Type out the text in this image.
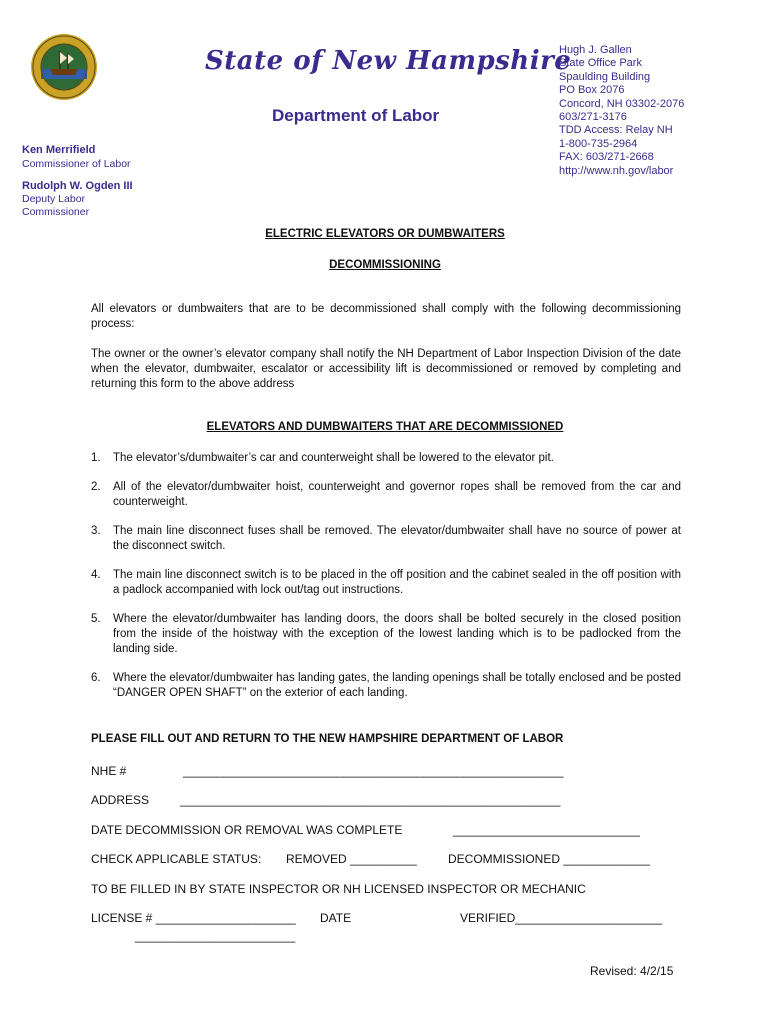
State of New Hampshire
Department of Labor
Hugh J. Gallen
State Office Park
Spaulding Building
PO Box 2076
Concord, NH 03302-2076
603/271-3176
TDD Access: Relay NH
1-800-735-2964
FAX: 603/271-2668
http://www.nh.gov/labor
Ken Merrifield
Commissioner of Labor
Rudolph W. Ogden III
Deputy Labor
Commissioner
ELECTRIC ELEVATORS OR DUMBWAITERS
DECOMMISSIONING
All elevators or dumbwaiters that are to be decommissioned shall comply with the following decommissioning process:
The owner or the owner’s elevator company shall notify the NH Department of Labor Inspection Division of the date when the elevator, dumbwaiter, escalator or accessibility lift is decommissioned or removed by completing and returning this form to the above address
ELEVATORS AND DUMBWAITERS THAT ARE DECOMMISSIONED
1. The elevator’s/dumbwaiter’s car and counterweight shall be lowered to the elevator pit.
2. All of the elevator/dumbwaiter hoist, counterweight and governor ropes shall be removed from the car and counterweight.
3. The main line disconnect fuses shall be removed. The elevator/dumbwaiter shall have no source of power at the disconnect switch.
4. The main line disconnect switch is to be placed in the off position and the cabinet sealed in the off position with a padlock accompanied with lock out/tag out instructions.
5. Where the elevator/dumbwaiter has landing doors, the doors shall be bolted securely in the closed position from the inside of the hoistway with the exception of the lowest landing which is to be padlocked from the landing side.
6. Where the elevator/dumbwaiter has landing gates, the landing openings shall be totally enclosed and be posted “DANGER OPEN SHAFT” on the exterior of each landing.
PLEASE FILL OUT AND RETURN TO THE NEW HAMPSHIRE DEPARTMENT OF LABOR
NHE #	_________________________________________________________
ADDRESS	_________________________________________________________
DATE DECOMMISSION OR REMOVAL WAS COMPLETE	____________________________
CHECK APPLICABLE STATUS: REMOVED __________	DECOMMISSIONED _____________
TO BE FILLED IN BY STATE INSPECTOR OR NH LICENSED INSPECTOR OR MECHANIC
LICENSE # _____________________ DATE	VERIFIED______________________
________________________
Revised: 4/2/15
